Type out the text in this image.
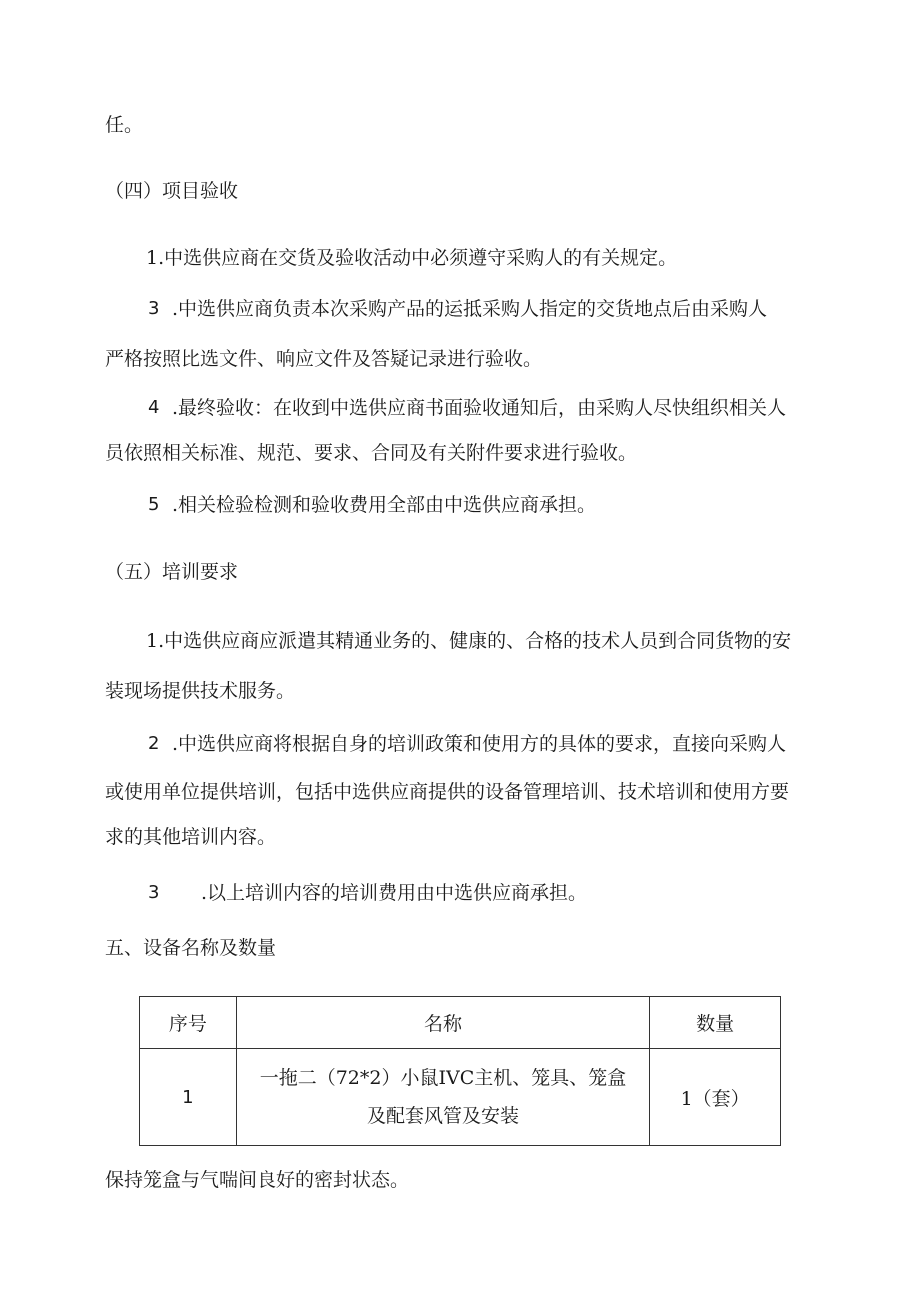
任。
（四）项目验收
1.中选供应商在交货及验收活动中必须遵守采购人的有关规定。
3 .中选供应商负责本次采购产品的运抵采购人指定的交货地点后由采购人
严格按照比选文件、响应文件及答疑记录进行验收。
4 .最终验收：在收到中选供应商书面验收通知后，由采购人尽快组织相关人
员依照相关标准、规范、要求、合同及有关附件要求进行验收。
5 .相关检验检测和验收费用全部由中选供应商承担。
（五）培训要求
1.中选供应商应派遣其精通业务的、健康的、合格的技术人员到合同货物的安
装现场提供技术服务。
2 .中选供应商将根据自身的培训政策和使用方的具体的要求，直接向采购人
或使用单位提供培训，包括中选供应商提供的设备管理培训、技术培训和使用方要
求的其他培训内容。
3 .以上培训内容的培训费用由中选供应商承担。
五、设备名称及数量
序号	名称	数量
1	一拖二（72*2）小鼠IVC主机、笼具、笼盒
及配套风管及安装	1（套）
保持笼盒与气喘间良好的密封状态。
